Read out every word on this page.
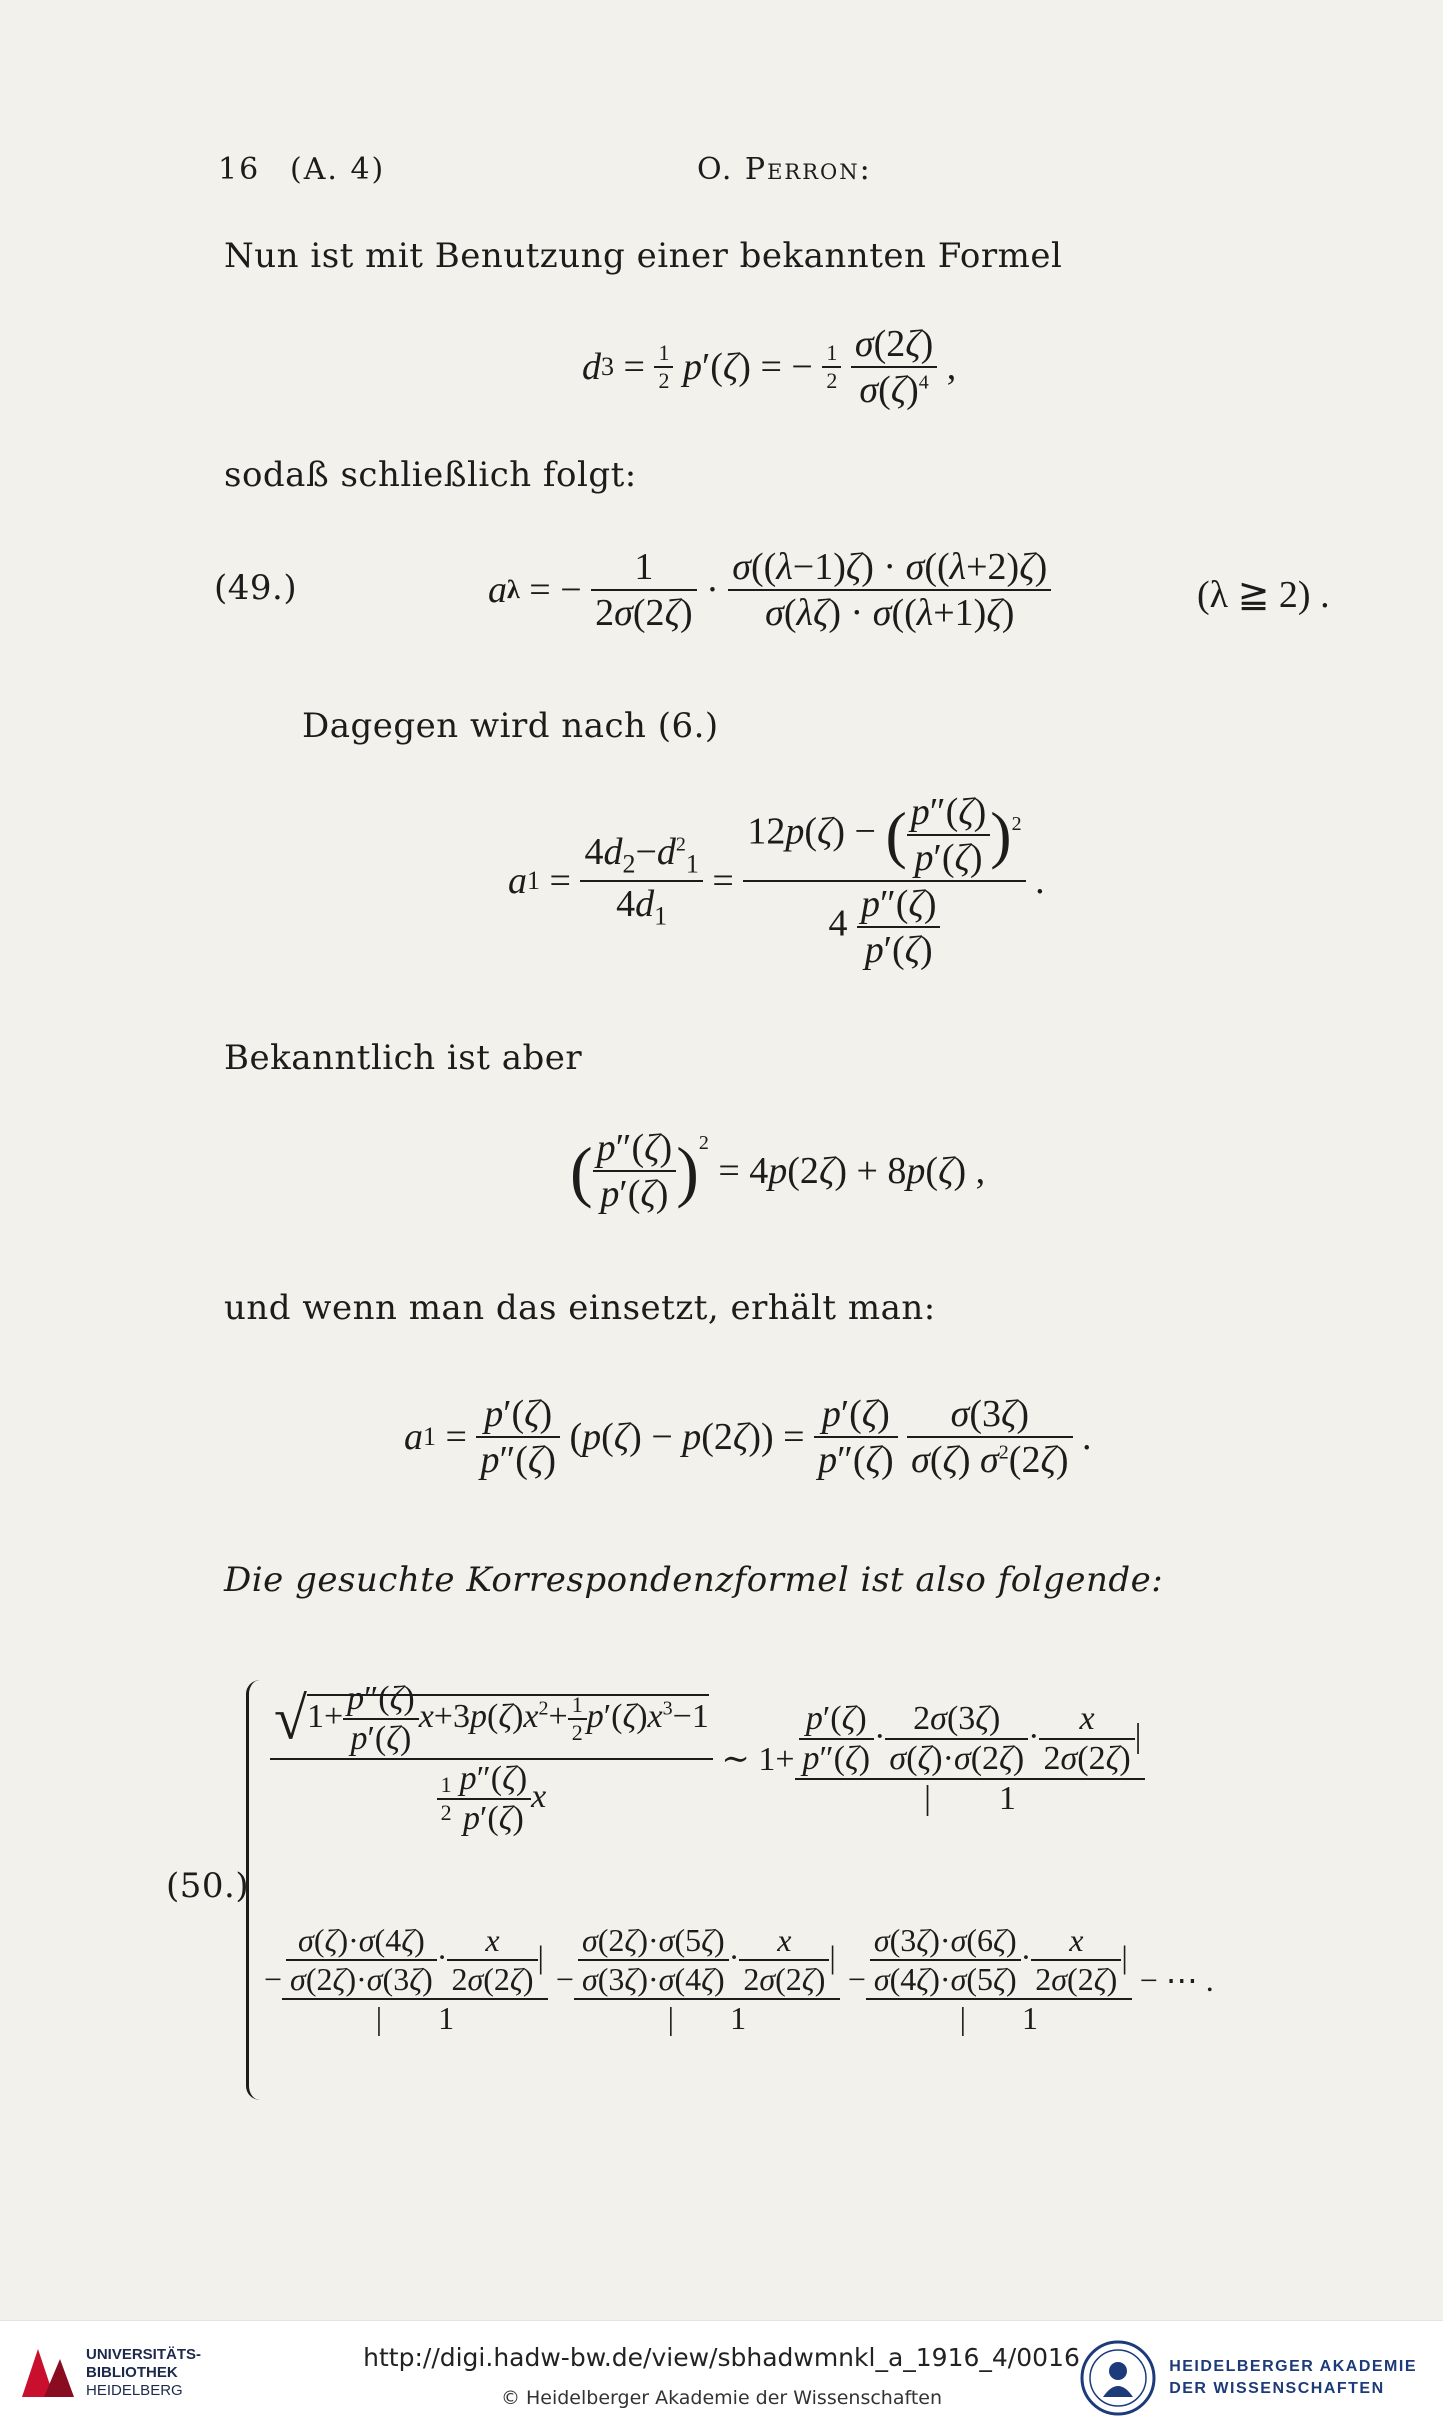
16 (A. 4)	O. Perron:
Nun ist mit Benutzung einer bekannten Formel
d $3 = \frac{1}{2}$
p ′( ζ ) = − $\frac{1}{2}$
$\frac{\sigma(2\zeta)}{\sigma(\zeta)^4}$ ,
sodaß schließlich folgt:
(49.)	a λ = − $\frac{1}{2\sigma(2\zeta)} \cdot \frac{\sigma((\lambda-1)\zeta) \cdot \sigma((\lambda+2)\zeta)}{\sigma(\lambda\zeta) \cdot \sigma((\lambda+1)\zeta)}$	(λ ≧ 2) .
Dagegen wird nach (6.)
a $1 = \frac{4d_2-d^2_1}{4d_1} = \frac{12p(\zeta) - ( \frac{p''(\zeta)}{p'(\zeta)} )^2}{4 \frac{p''(\zeta)}{p'(\zeta)}}$ .
Bekanntlich ist aber
( $\frac{p''(\zeta)}{p'(\zeta)} )^2$
= 4 p (2 ζ ) + 8 p ( ζ ) ,
und wenn man das einsetzt, erhält man:
a $1 = \frac{p'(\zeta)}{p''(\zeta)}$ ( p ( ζ ) − p (2 ζ )) = $\frac{p'(\zeta)}{p''(\zeta)}$
$\frac{\sigma(3\zeta)}{\sigma(\zeta) \sigma^2(2\zeta)}$ .
Die gesuchte Korrespondenzformel ist also folgende:
(50.)
$\frac{√1+ \frac{p''(\zeta)}{p'(\zeta)} x+3p(\zeta)x^2+ \frac{1}{2} p'(\zeta)x^3-1}{\frac{1}{2} \frac{p''(\zeta)}{p'(\zeta)} x}$ ∼ $1+ \frac{\frac{p'(\zeta)}{p''(\zeta)} \cdot \frac{2\sigma(3\zeta)}{\sigma(\zeta)\cdot\sigma(2\zeta)} \cdot \frac{x}{2\sigma(2\zeta)} |}{| 1}$
− $\frac{\frac{\sigma(\zeta)\cdot\sigma(4\zeta)}{\sigma(2\zeta)\cdot\sigma(3\zeta)} \cdot \frac{x}{2\sigma(2\zeta)} |}{| 1} - \frac{\frac{\sigma(2\zeta)\cdot\sigma(5\zeta)}{\sigma(3\zeta)\cdot\sigma(4\zeta)} \cdot \frac{x}{2\sigma(2\zeta)} |}{| 1} - \frac{\frac{\sigma(3\zeta)\cdot\sigma(6\zeta)}{\sigma(4\zeta)\cdot\sigma(5\zeta)} \cdot \frac{x}{2\sigma(2\zeta)} |}{| 1}$ − ⋯ .
UNIVERSITÄTS-
BIBLIOTHEK
HEIDELBERG
http://digi.hadw-bw.de/view/sbhadwmnkl_a_1916_4/0016
© Heidelberger Akademie der Wissenschaften
HEIDELBERGER AKADEMIE
DER WISSENSCHAFTEN
